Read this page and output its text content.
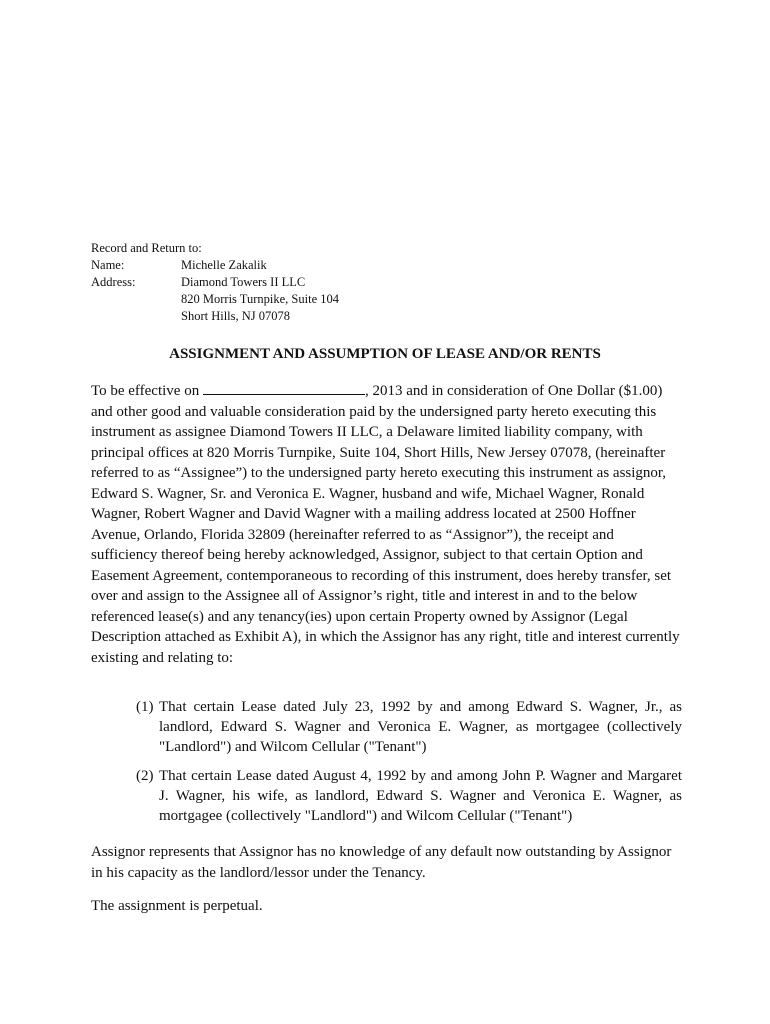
Record and Return to:
Name:	Michelle Zakalik
Address:	Diamond Towers II LLC
820 Morris Turnpike, Suite 104
Short Hills, NJ 07078
ASSIGNMENT AND ASSUMPTION OF LEASE AND/OR RENTS
To be effective on	, 2013 and in consideration of One Dollar ($1.00) and other good and valuable consideration paid by the undersigned party hereto executing this instrument as assignee Diamond Towers II LLC, a Delaware limited liability company, with principal offices at 820 Morris Turnpike, Suite 104, Short Hills, New Jersey 07078, (hereinafter referred to as “Assignee”) to the undersigned party hereto executing this instrument as assignor, Edward S. Wagner, Sr. and Veronica E. Wagner, husband and wife, Michael Wagner, Ronald Wagner, Robert Wagner and David Wagner with a mailing address located at 2500 Hoffner Avenue, Orlando, Florida 32809 (hereinafter referred to as “Assignor”), the receipt and sufficiency thereof being hereby acknowledged, Assignor, subject to that certain Option and Easement Agreement, contemporaneous to recording of this instrument, does hereby transfer, set over and assign to the Assignee all of Assignor’s right, title and interest in and to the below referenced lease(s) and any tenancy(ies) upon certain Property owned by Assignor (Legal Description attached as Exhibit A), in which the Assignor has any right, title and interest currently existing and relating to:
(1) That certain Lease dated July 23, 1992 by and among Edward S. Wagner, Jr., as landlord, Edward S. Wagner and Veronica E. Wagner, as mortgagee (collectively "Landlord") and Wilcom Cellular ("Tenant")
(2) That certain Lease dated August 4, 1992 by and among John P. Wagner and Margaret J. Wagner, his wife, as landlord, Edward S. Wagner and Veronica E. Wagner, as mortgagee (collectively "Landlord") and Wilcom Cellular ("Tenant")
Assignor represents that Assignor has no knowledge of any default now outstanding by Assignor in his capacity as the landlord/lessor under the Tenancy.
The assignment is perpetual.
